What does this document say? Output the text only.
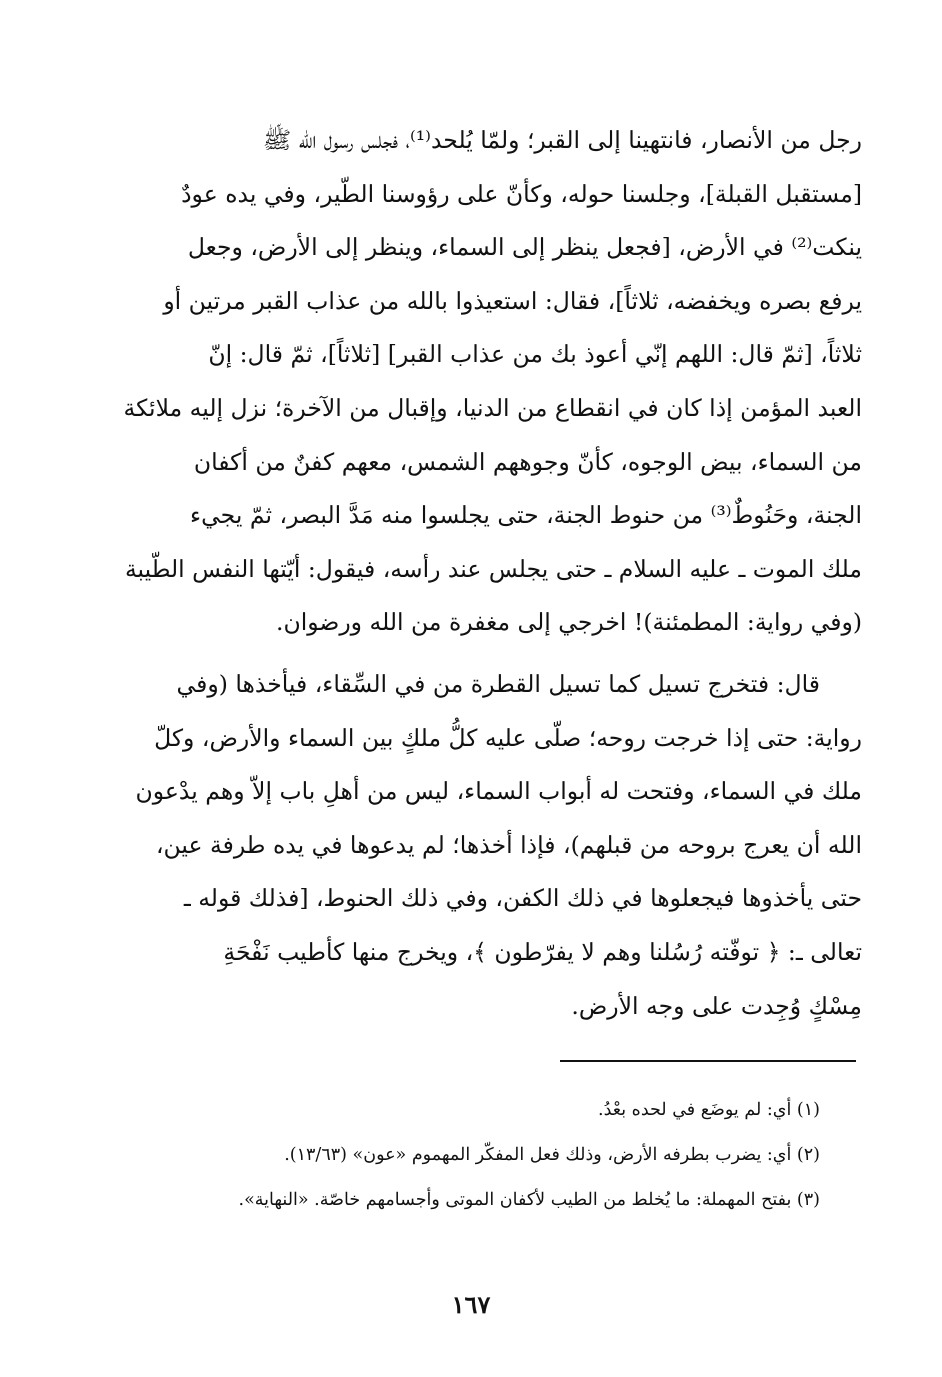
رجل من الأنصار، فانتهينا إلى القبر؛ ولمّا يُلحد⁽¹⁾، فجلس رسول الله ﷺ

[مستقبل القبلة]، وجلسنا حوله، وكأنّ على رؤوسنا الطّير، وفي يده عودٌ

ينكت⁽²⁾ في الأرض، [فجعل ينظر إلى السماء، وينظر إلى الأرض، وجعل

يرفع بصره ويخفضه، ثلاثاً]، فقال: استعيذوا بالله من عذاب القبر مرتين أو

ثلاثاً، [ثمّ قال: اللهم إنّي أعوذ بك من عذاب القبر] [ثلاثاً]، ثمّ قال: إنّ

العبد المؤمن إذا كان في انقطاع من الدنيا، وإقبال من الآخرة؛ نزل إليه ملائكة

من السماء، بيض الوجوه، كأنّ وجوههم الشمس، معهم كفنٌ من أكفان

الجنة، وحَنُوطٌ⁽³⁾ من حنوط الجنة، حتى يجلسوا منه مَدَّ البصر، ثمّ يجيء

ملك الموت ـ عليه السلام ـ حتى يجلس عند رأسه، فيقول: أيّتها النفس الطّيبة

(وفي رواية: المطمئنة)! اخرجي إلى مغفرة من الله ورضوان.

قال: فتخرج تسيل كما تسيل القطرة من في السِّقاء، فيأخذها (وفي

رواية: حتى إذا خرجت روحه؛ صلّى عليه كلُّ ملكٍ بين السماء والأرض، وكلّ

ملك في السماء، وفتحت له أبواب السماء، ليس من أهلِ باب إلاّ وهم يدْعون

الله أن يعرج بروحه من قبلهم)، فإذا أخذها؛ لم يدعوها في يده طرفة عين،

حتى يأخذوها فيجعلوها في ذلك الكفن، وفي ذلك الحنوط، [فذلك قوله ـ

تعالى ـ: ﴿ توفّته رُسُلنا وهم لا يفرّطون ﴾، ويخرج منها كأطيب نَفْحَةِ

مِسْكٍ وُجِدت على وجه الأرض.

(١) أي: لم يوضَع في لحده بعْدُ.

(٢) أي: يضرب بطرفه الأرض، وذلك فعل المفكّر المهموم «عون» (١٣/٦٣).

(٣) بفتح المهملة: ما يُخلط من الطيب لأكفان الموتى وأجسامهم خاصّة. «النهاية».

١٦٧
